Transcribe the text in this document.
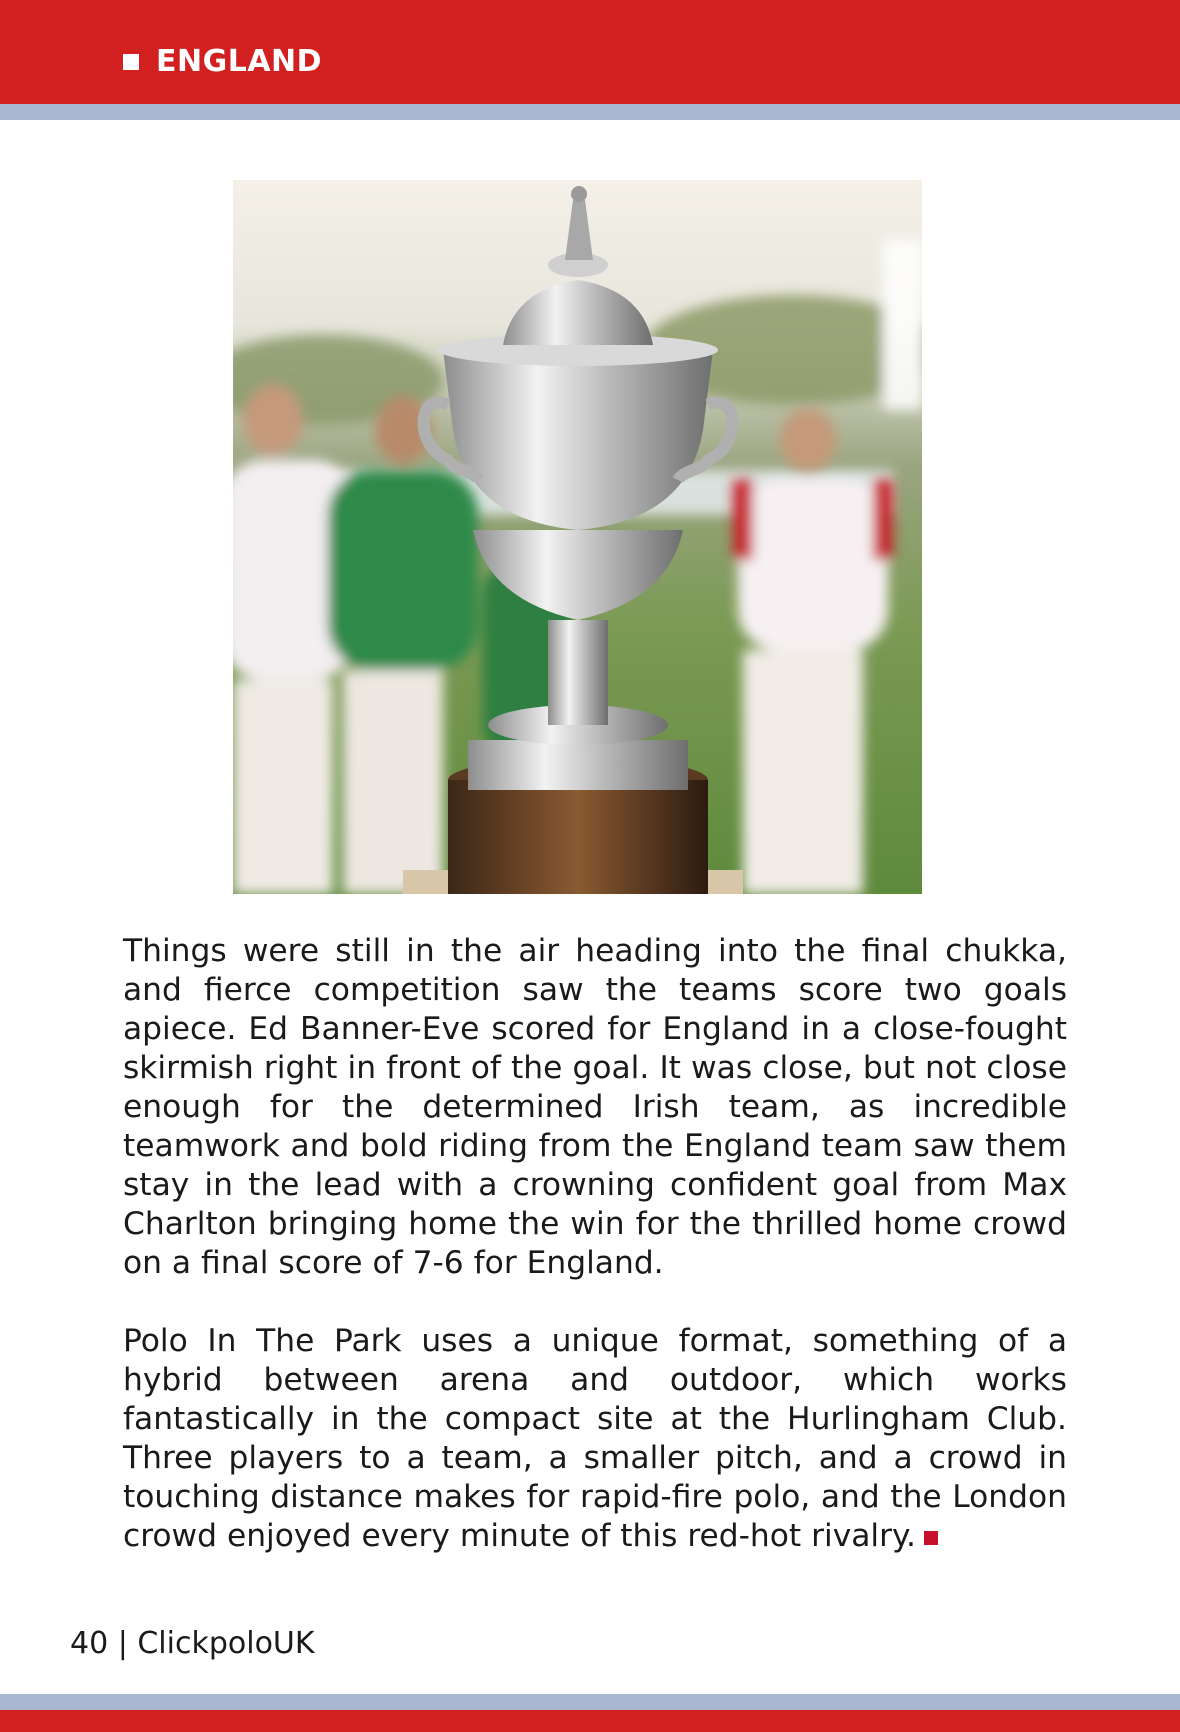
ENGLAND

Things were still in the air heading into the final chukka, and fierce competition saw the teams score two goals apiece. Ed Banner-Eve scored for England in a close-fought skirmish right in front of the goal. It was close, but not close enough for the determined Irish team, as incredible teamwork and bold riding from the England team saw them stay in the lead with a crowning confident goal from Max Charlton bringing home the win for the thrilled home crowd on a final score of 7-6 for England.

Polo In The Park uses a unique format, something of a hybrid between arena and outdoor, which works fantastically in the compact site at the Hurlingham Club. Three players to a team, a smaller pitch, and a crowd in touching distance makes for rapid-fire polo, and the London crowd enjoyed every minute of this red-hot rivalry.

40 | ClickpoloUK
